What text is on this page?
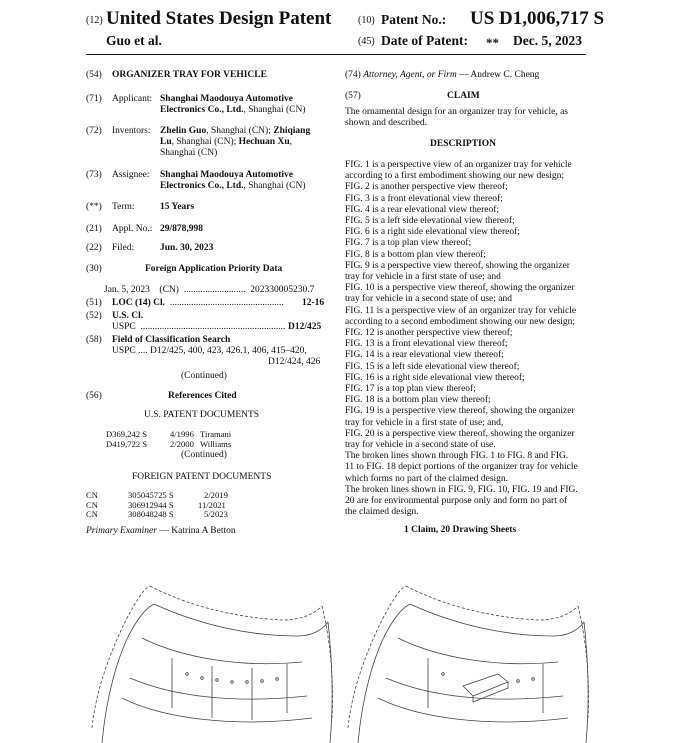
(12) United States Design Patent	(10) Patent No.: US D1,006,717 S
Guo et al.	(45) Date of Patent: ** Dec. 5, 2023
(54) ORGANIZER TRAY FOR VEHICLE
(71) Applicant: Shanghai Maodouya Automotive
Electronics Co., Ltd., Shanghai (CN)
(72) Inventors: Zhelin Guo, Shanghai (CN); Zhiqiang
Lu, Shanghai (CN); Hechuan Xu,
Shanghai (CN)
(73) Assignee: Shanghai Maodouya Automotive
Electronics Co., Ltd., Shanghai (CN)
(**) Term:	15 Years
(21) Appl. No.: 29/878,998
(22) Filed:	Jun. 30, 2023
(30)	Foreign Application Priority Data
Jan. 5, 2023 (CN) .......................... 202330005230.7
(51) LOC (14) Cl. ................................................ 12-16
(52) U.S. Cl.
USPC ............................................................. D12/425
(58) Field of Classification Search
USPC .... D12/425, 400, 423, 426.1, 406, 415–420,
D12/424, 426
(Continued)
(56)	References Cited
U.S. PATENT DOCUMENTS
D369,242 S	4/1996 Tiramani
D419,722 S	2/2000 Williams
(Continued)
FOREIGN PATENT DOCUMENTS
CN	305045725 S	2/2019
CN	306912944 S	11/2021
CN	308048248 S	5/2023
Primary Examiner — Katrina A Betton
(74) Attorney, Agent, or Firm — Andrew C. Cheng
(57)	CLAIM
The ornamental design for an organizer tray for vehicle, as
shown and described.
DESCRIPTION
FIG. 1 is a perspective view of an organizer tray for vehicle
according to a first embodiment showing our new design;
FIG. 2 is another perspective view thereof;
FIG. 3 is a front elevational view thereof;
FIG. 4 is a rear elevational view thereof;
FIG. 5 is a left side elevational view thereof;
FIG. 6 is a right side elevational view thereof;
FIG. 7 is a top plan view thereof;
FIG. 8 is a bottom plan view thereof;
FIG. 9 is a perspective view thereof, showing the organizer
tray for vehicle in a first state of use; and
FIG. 10 is a perspective view thereof, showing the organizer
tray for vehicle in a second state of use; and
FIG. 11 is a perspective view of an organizer tray for vehicle
according to a second embodiment showing our new design;
FIG. 12 is another perspective view thereof;
FIG. 13 is a front elevational view thereof;
FIG. 14 is a rear elevational view thereof;
FIG. 15 is a left side elevational view thereof;
FIG. 16 is a right side elevational view thereof;
FIG. 17 is a top plan view thereof;
FIG. 18 is a bottom plan view thereof;
FIG. 19 is a perspective view thereof, showing the organizer
tray for vehicle in a first state of use; and,
FIG. 20 is a perspective view thereof, showing the organizer
tray for vehicle in a second state of use.
The broken lines shown through FIG. 1 to FIG. 8 and FIG.
11 to FIG. 18 depict portions of the organizer tray for vehicle
which forms no part of the claimed design.
The broken lines shown in FIG. 9, FIG. 10, FIG. 19 and FIG.
20 are for environmental purpose only and form no part of
the claimed design.
1 Claim, 20 Drawing Sheets
